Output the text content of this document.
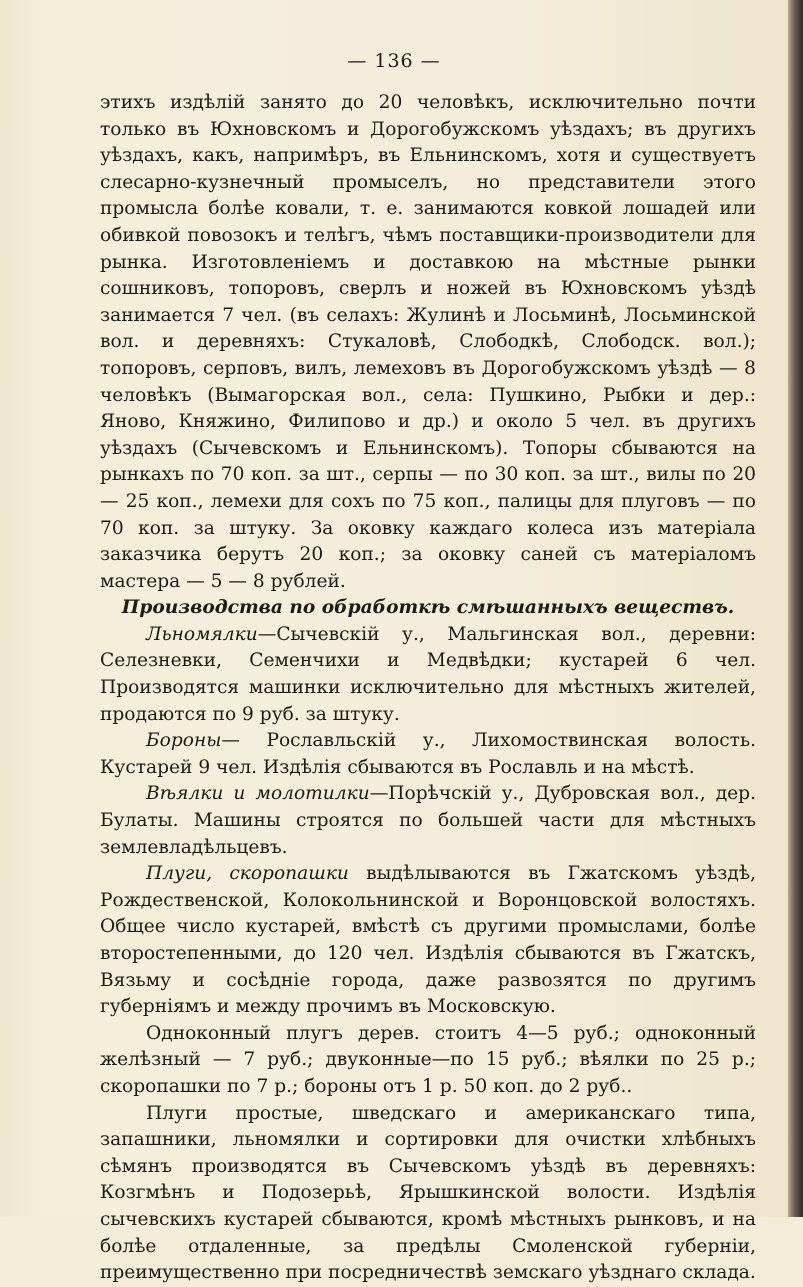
— 136 —

этихъ издѣлій занято до 20 человѣкъ, исключительно почти только въ Юхновскомъ и Дорогобужскомъ уѣздахъ; въ другихъ уѣздахъ, какъ, напримѣръ, въ Ельнинскомъ, хотя и существуетъ слесарно-кузнечный промыселъ, но представители этого промысла болѣе ковали, т. е. занимаются ковкой лошадей или обивкой повозокъ и телѣгъ, чѣмъ поставщики-производители для рынка. Изготовленіемъ и доставкою на мѣстные рынки сошниковъ, топоровъ, сверлъ и ножей въ Юхновскомъ уѣздѣ занимается 7 чел. (въ селахъ: Жулинѣ и Лосьминѣ, Лосьминской вол. и деревняхъ: Стукаловѣ, Слободкѣ, Слободск. вол.); топоровъ, серповъ, вилъ, лемеховъ въ Дорогобужскомъ уѣздѣ — 8 человѣкъ (Вымагорская вол., села: Пушкино, Рыбки и дер.: Яново, Княжино, Филипово и др.) и около 5 чел. въ другихъ уѣздахъ (Сычевскомъ и Ельнинскомъ). Топоры сбываются на рынкахъ по 70 коп. за шт., серпы — по 30 коп. за шт., вилы по 20 — 25 коп., лемехи для сохъ по 75 коп., палицы для плуговъ — по 70 коп. за штуку. За оковку каждаго колеса изъ матеріала заказчика берутъ 20 коп.; за оковку саней съ матеріаломъ мастера — 5 — 8 рублей.

Производства по обработкѣ смѣшанныхъ веществъ.

Льномялки—Сычевскій у., Мальгинская вол., деревни: Селезневки, Семенчихи и Медвѣдки; кустарей 6 чел. Производятся машинки исключительно для мѣстныхъ жителей, продаются по 9 руб. за штуку.

Бороны— Рославльскій у., Лихомоствинская волость. Кустарей 9 чел. Издѣлія сбываются въ Рославль и на мѣстѣ.

Вѣялки и молотилки—Порѣчскій у., Дубровская вол., дер. Булаты. Машины строятся по большей части для мѣстныхъ землевладѣльцевъ.

Плуги, скоропашки выдѣлываются въ Гжатскомъ уѣздѣ, Рождественской, Колокольнинской и Воронцовской волостяхъ. Общее число кустарей, вмѣстѣ съ другими промыслами, болѣе второстепенными, до 120 чел. Издѣлія сбываются въ Гжатскъ, Вязьму и сосѣдніе города, даже развозятся по другимъ губерніямъ и между прочимъ въ Московскую.

Одноконный плугъ дерев. стоитъ 4—5 руб.; одноконный желѣзный — 7 руб.; двуконные—по 15 руб.; вѣялки по 25 р.; скоропашки по 7 р.; бороны отъ 1 р. 50 коп. до 2 руб..

Плуги простые, шведскаго и американскаго типа, запашники, льномялки и сортировки для очистки хлѣбныхъ сѣмянъ производятся въ Сычевскомъ уѣздѣ въ деревняхъ: Козгмѣнъ и Подозерьѣ, Ярышкинской волости. Издѣлія сычевскихъ кустарей сбываются, кромѣ мѣстныхъ рынковъ, и на болѣе отдаленные, за предѣлы Смоленской губерніи, преимущественно при посредничествѣ земскаго уѣзднаго склада.
